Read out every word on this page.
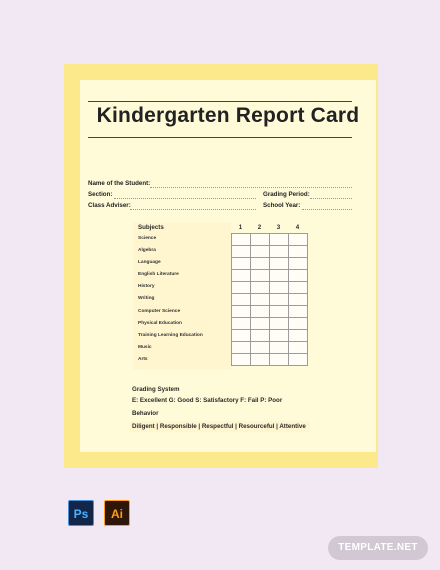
Kindergarten Report Card
Name of the Student:
Section:	Grading Period:
Class Adviser:	School Year:
Subjects	1	2	3	4
Science
Algebra
Language
English Literature
History
Writing
Computer Science
Physical Education
Training Learning Education
Music
Arts

Grading System
E: Excellent G: Good S: Satisfactory F: Fail P: Poor
Behavior
Diligent | Responsible | Respectful | Resourceful | Attentive
·····
Ps	Ai
TEMPLATE.NET
